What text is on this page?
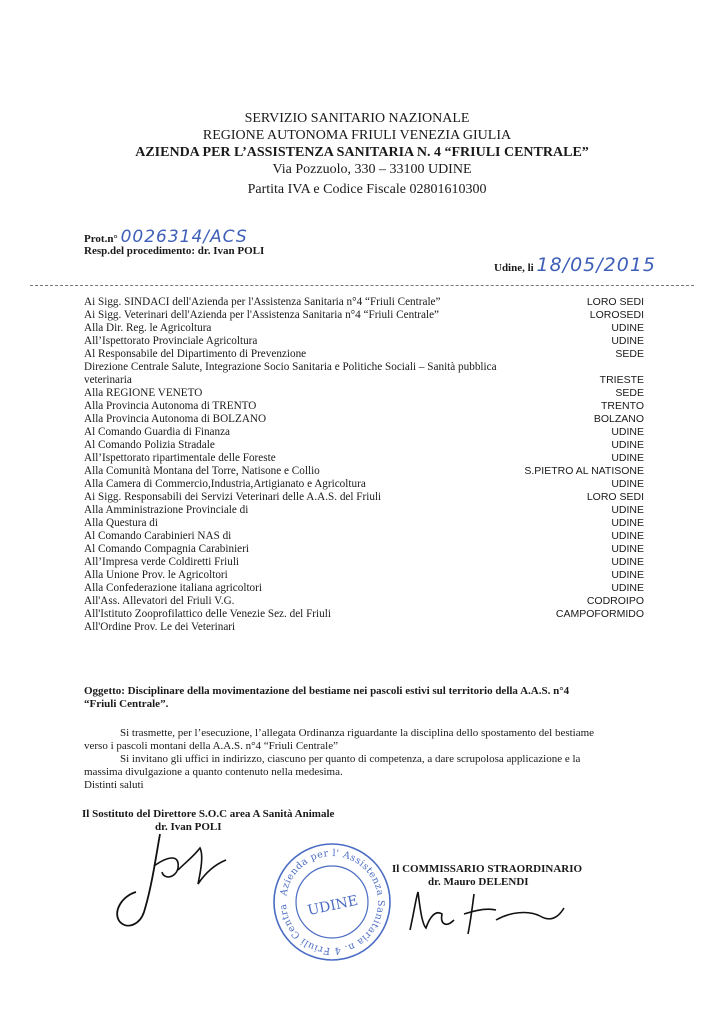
SERVIZIO SANITARIO NAZIONALE
REGIONE AUTONOMA FRIULI VENEZIA GIULIA
AZIENDA PER L’ASSISTENZA SANITARIA N. 4 “FRIULI CENTRALE”
Via Pozzuolo, 330 – 33100 UDINE
Partita IVA e Codice Fiscale 02801610300
Prot.n° 0026314/ACS
Resp.del procedimento: dr. Ivan POLI
Udine, li 18/05/2015
Ai Sigg. SINDACI dell'Azienda per l'Assistenza Sanitaria n°4 “Friuli Centrale”	LORO SEDI
Ai Sigg. Veterinari dell'Azienda per l'Assistenza Sanitaria n°4 “Friuli Centrale”	LOROSEDI
Alla Dir. Reg. le Agricoltura	UDINE
All’Ispettorato Provinciale Agricoltura	UDINE
Al Responsabile del Dipartimento di Prevenzione	SEDE
Direzione Centrale Salute, Integrazione Socio Sanitaria e Politiche Sociali – Sanità pubblica veterinaria	TRIESTE
Alla REGIONE VENETO	SEDE
Alla Provincia Autonoma di TRENTO	TRENTO
Alla Provincia Autonoma di BOLZANO	BOLZANO
Al Comando Guardia di Finanza	UDINE
Al Comando Polizia Stradale	UDINE
All’Ispettorato ripartimentale delle Foreste	UDINE
Alla Comunità Montana del Torre, Natisone e Collio	S.PIETRO AL NATISONE
Alla Camera di Commercio,Industria,Artigianato e Agricoltura	UDINE
Ai Sigg. Responsabili dei Servizi Veterinari delle A.A.S. del Friuli	LORO SEDI
Alla Amministrazione Provinciale di	UDINE
Alla Questura di	UDINE
Al Comando Carabinieri NAS di	UDINE
Al Comando Compagnia Carabinieri	UDINE
All’Impresa verde Coldiretti Friuli	UDINE
Alla Unione Prov. le Agricoltori	UDINE
Alla Confederazione italiana agricoltori	UDINE
All'Ass. Allevatori del Friuli V.G.	CODROIPO
All'Istituto Zooprofilattico delle Venezie Sez. del Friuli	CAMPOFORMIDO
All'Ordine Prov. Le dei Veterinari
Oggetto: Disciplinare della movimentazione del bestiame nei pascoli estivi sul territorio della A.A.S. n°4
“Friuli Centrale”.

Si trasmette, per l’esecuzione, l’allegata Ordinanza riguardante la disciplina dello spostamento del bestiame verso i pascoli montani della A.A.S. n°4 “Friuli Centrale”

Si invitano gli uffici in indirizzo, ciascuno per quanto di competenza, a dare scrupolosa applicazione e la massima divulgazione a quanto contenuto nella medesima.

Distinti saluti

Il Sostituto del Direttore S.O.C area A Sanità Animale
dr. Ivan POLI
Azienda per l' Assistenza Sanitaria n. 4 Friuli Centrale
UDINE
Il COMMISSARIO STRAORDINARIO
dr. Mauro DELENDI
